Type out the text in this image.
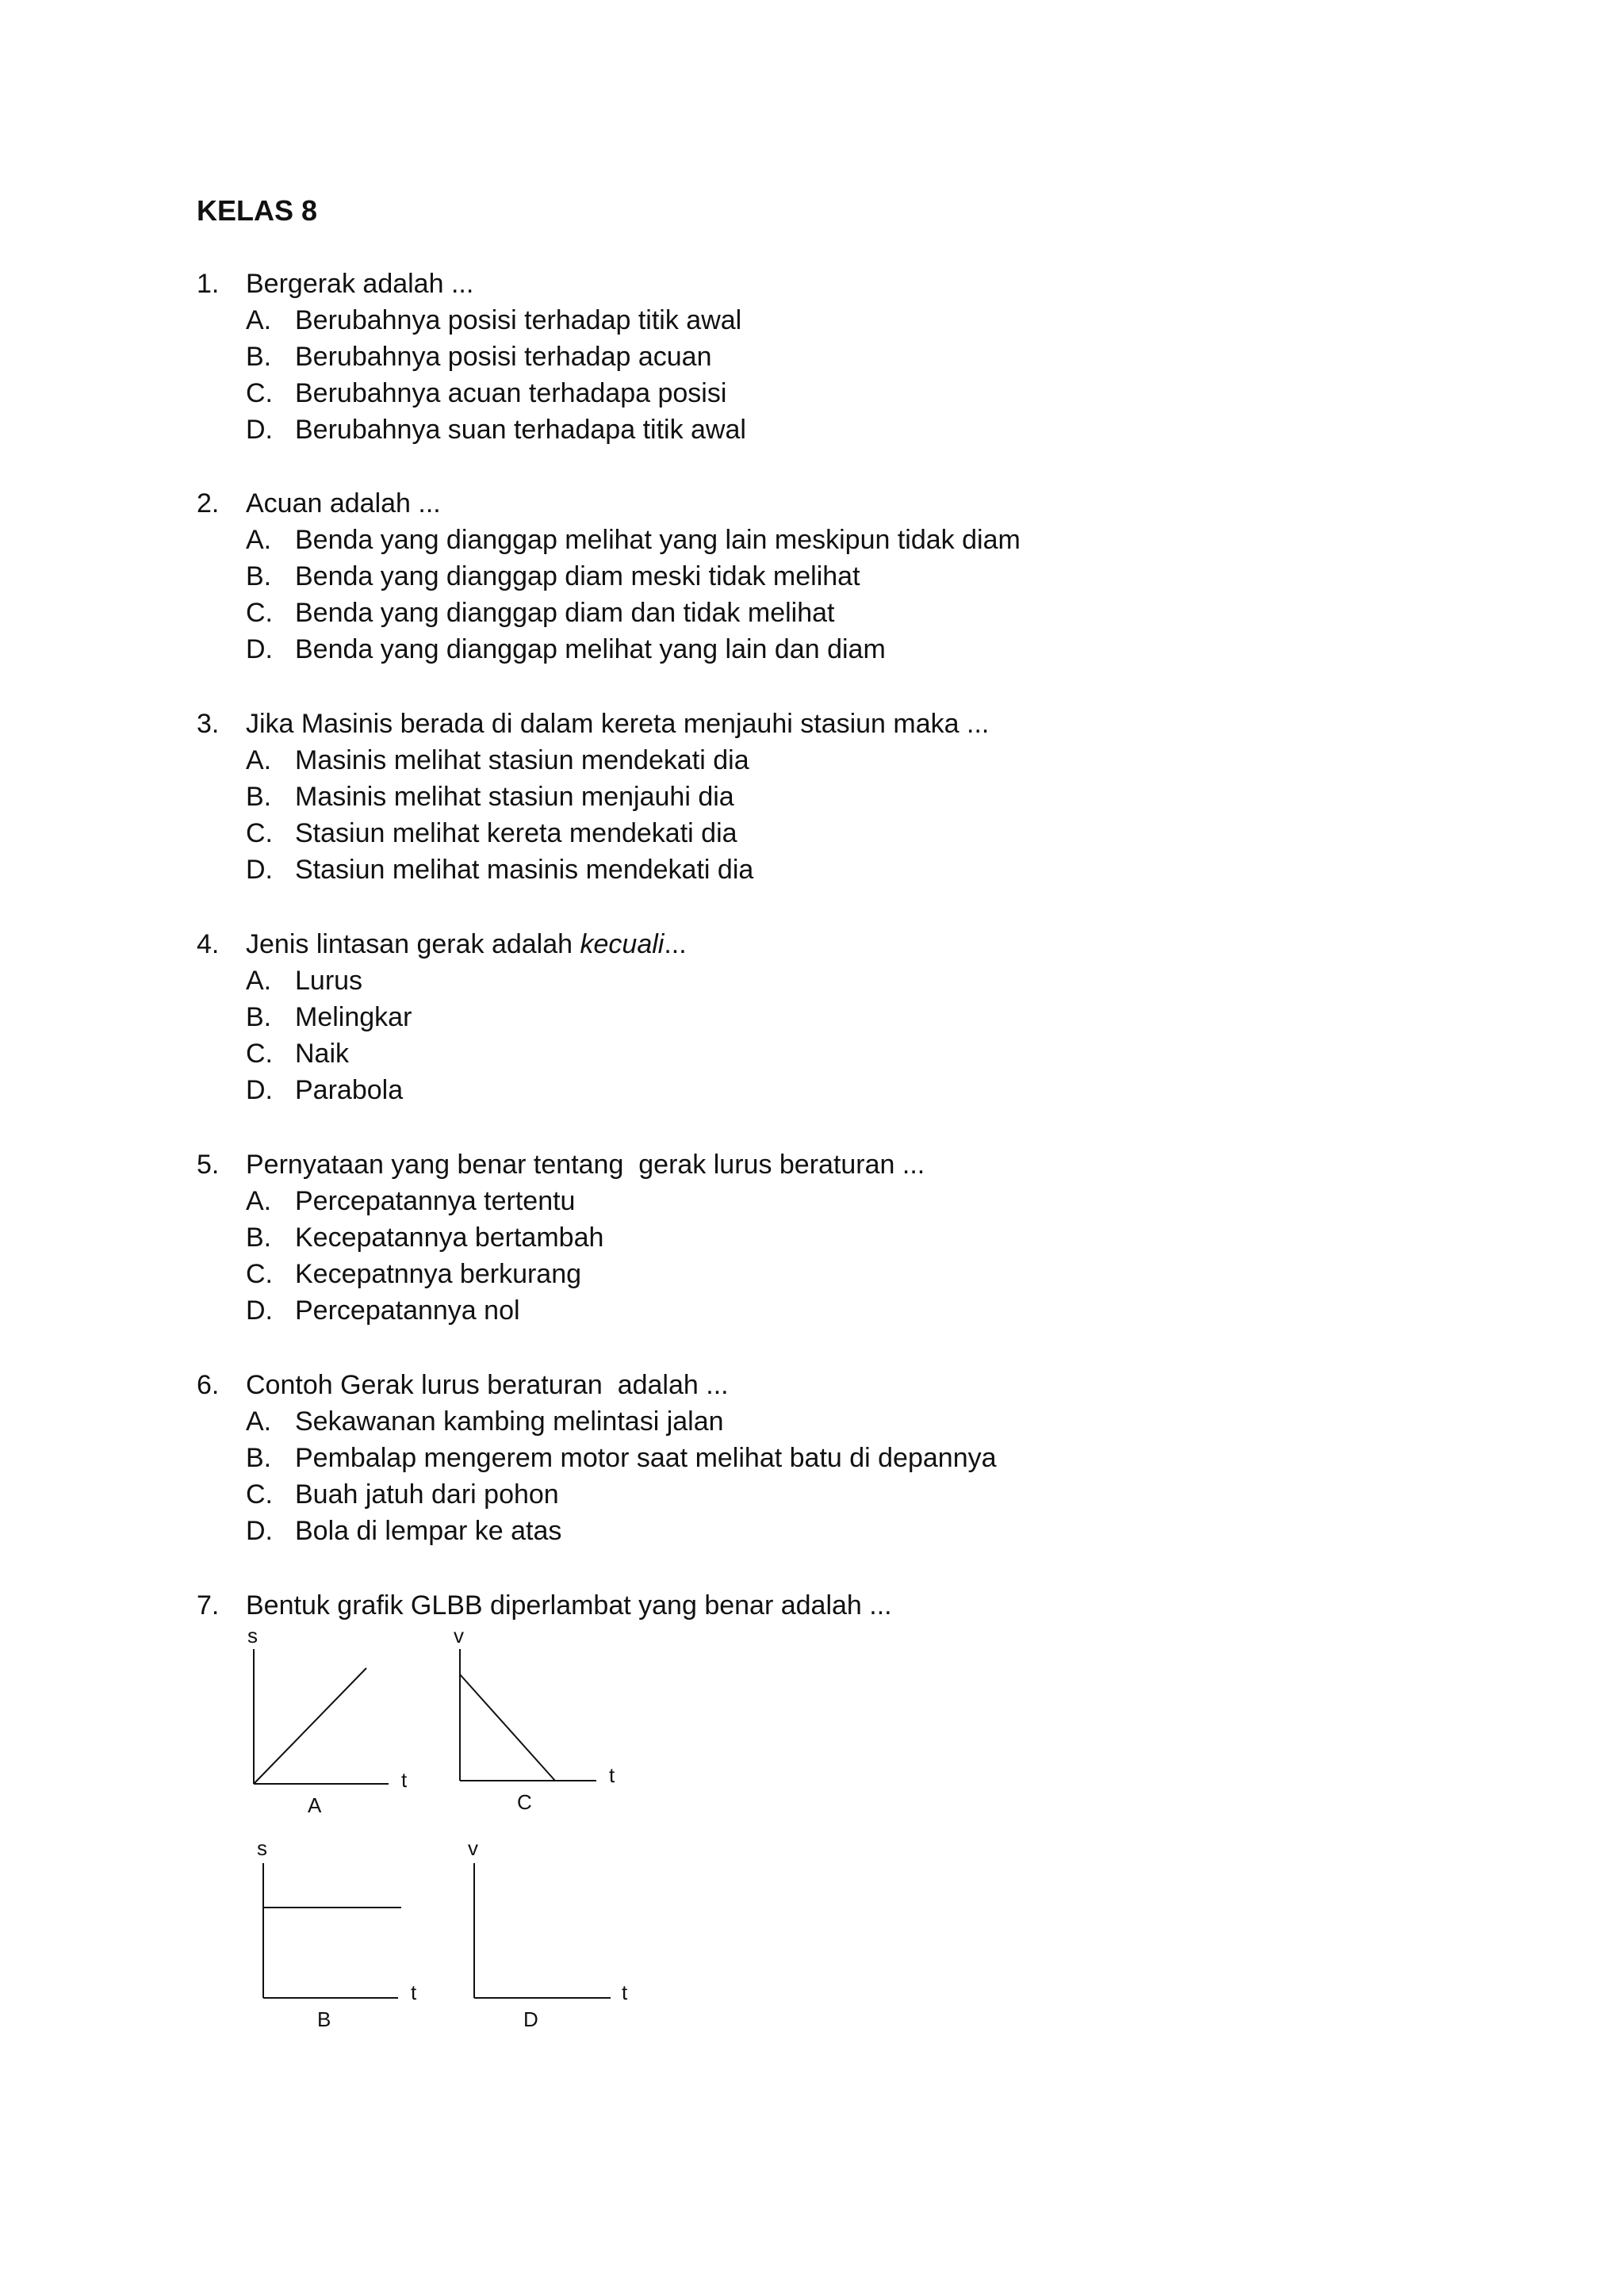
KELAS 8
1. Bergerak adalah ...
A. Berubahnya posisi terhadap titik awal
B. Berubahnya posisi terhadap acuan
C. Berubahnya acuan terhadapa posisi
D. Berubahnya suan terhadapa titik awal
2. Acuan adalah ...
A. Benda yang dianggap melihat yang lain meskipun tidak diam
B. Benda yang dianggap diam meski tidak melihat
C. Benda yang dianggap diam dan tidak melihat
D. Benda yang dianggap melihat yang lain dan diam
3. Jika Masinis berada di dalam kereta menjauhi stasiun maka ...
A. Masinis melihat stasiun mendekati dia
B. Masinis melihat stasiun menjauhi dia
C. Stasiun melihat kereta mendekati dia
D. Stasiun melihat masinis mendekati dia
4. Jenis lintasan gerak adalah kecuali...
A. Lurus
B. Melingkar
C. Naik
D. Parabola
5. Pernyataan yang benar tentang  gerak lurus beraturan ...
A. Percepatannya tertentu
B. Kecepatannya bertambah
C. Kecepatnnya berkurang
D. Percepatannya nol
6. Contoh Gerak lurus beraturan  adalah ...
A. Sekawanan kambing melintasi jalan
B. Pembalap mengerem motor saat melihat batu di depannya
C. Buah jatuh dari pohon
D. Bola di lempar ke atas
7. Bentuk grafik GLBB diperlambat yang benar adalah ...
s
t
A
v
t
C
s
t
B
v
t
D
